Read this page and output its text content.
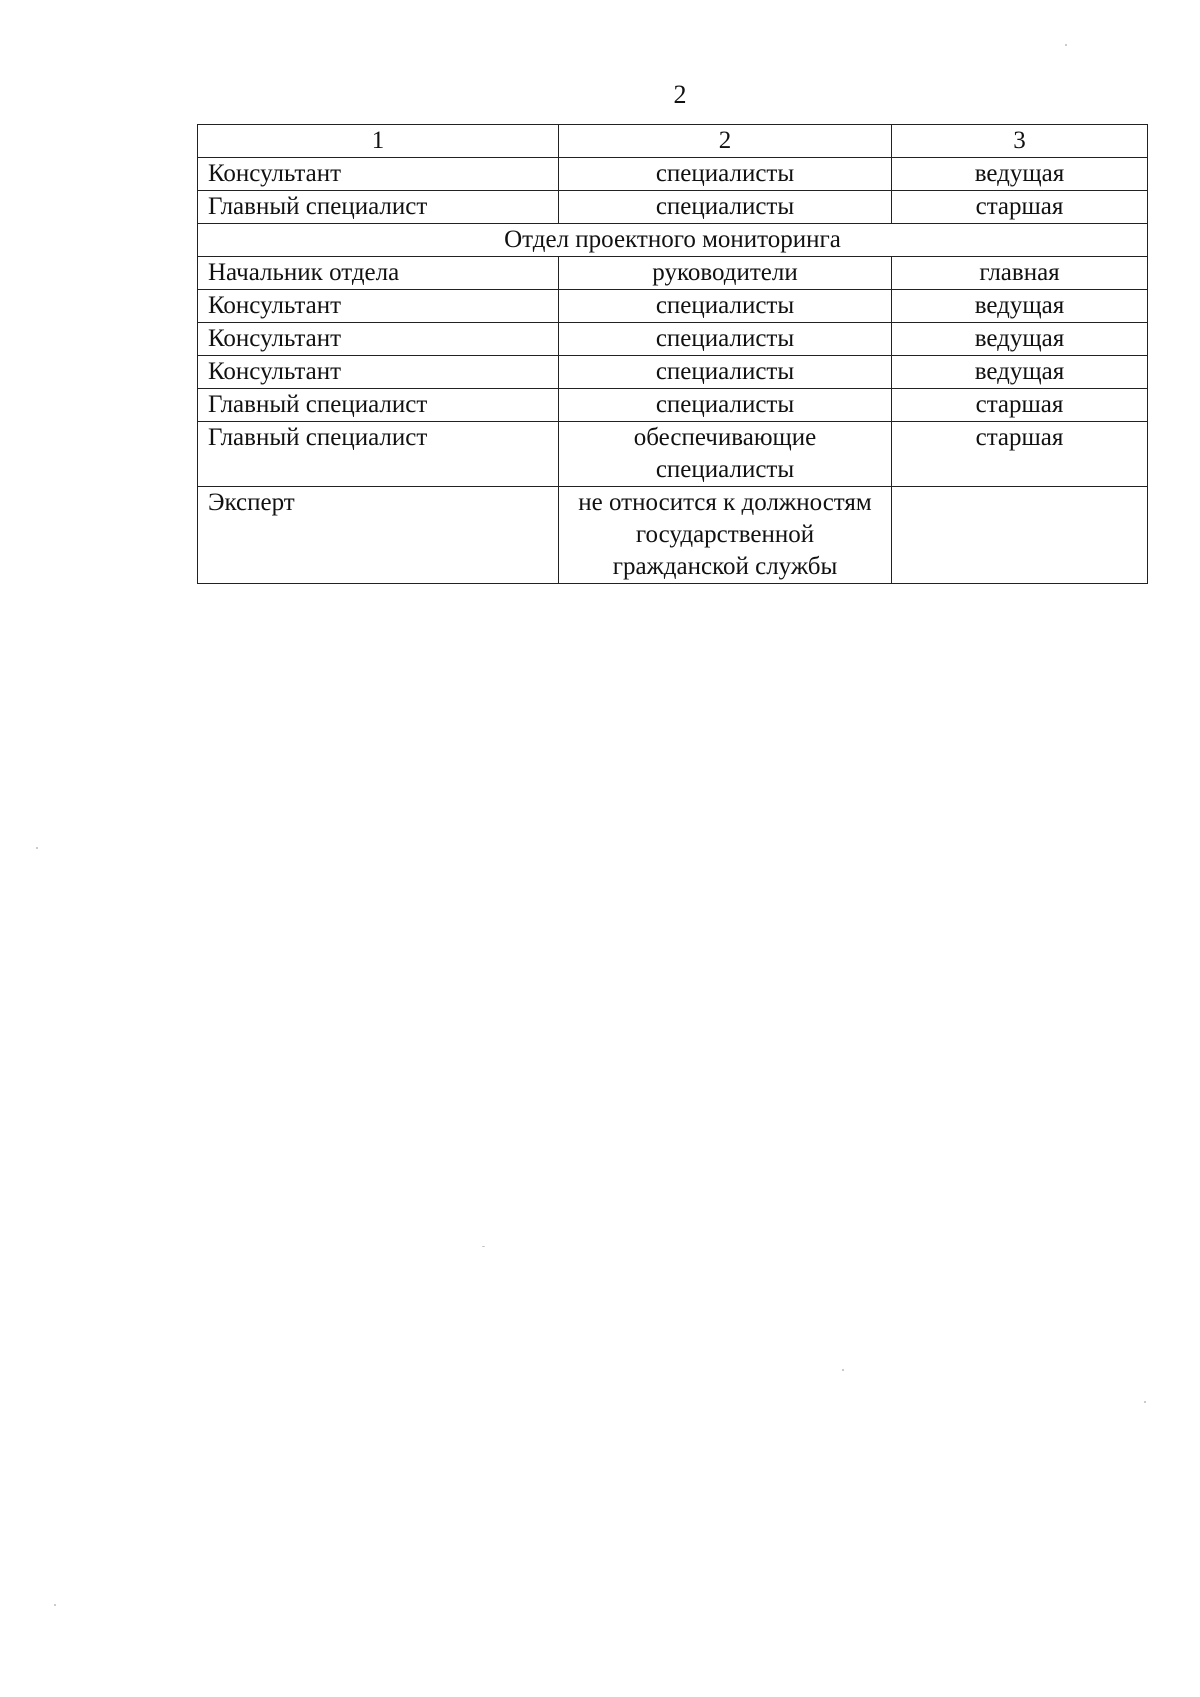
2
1	2	3
Консультант	специалисты	ведущая
Главный специалист	специалисты	старшая
Отдел проектного мониторинга		
Начальник отдела	руководители	главная
Консультант	специалисты	ведущая
Консультант	специалисты	ведущая
Консультант	специалисты	ведущая
Главный специалист	специалисты	старшая
Главный специалист	обеспечивающие специалисты	старшая
Эксперт	не относится к должностям государственной гражданской службы	
